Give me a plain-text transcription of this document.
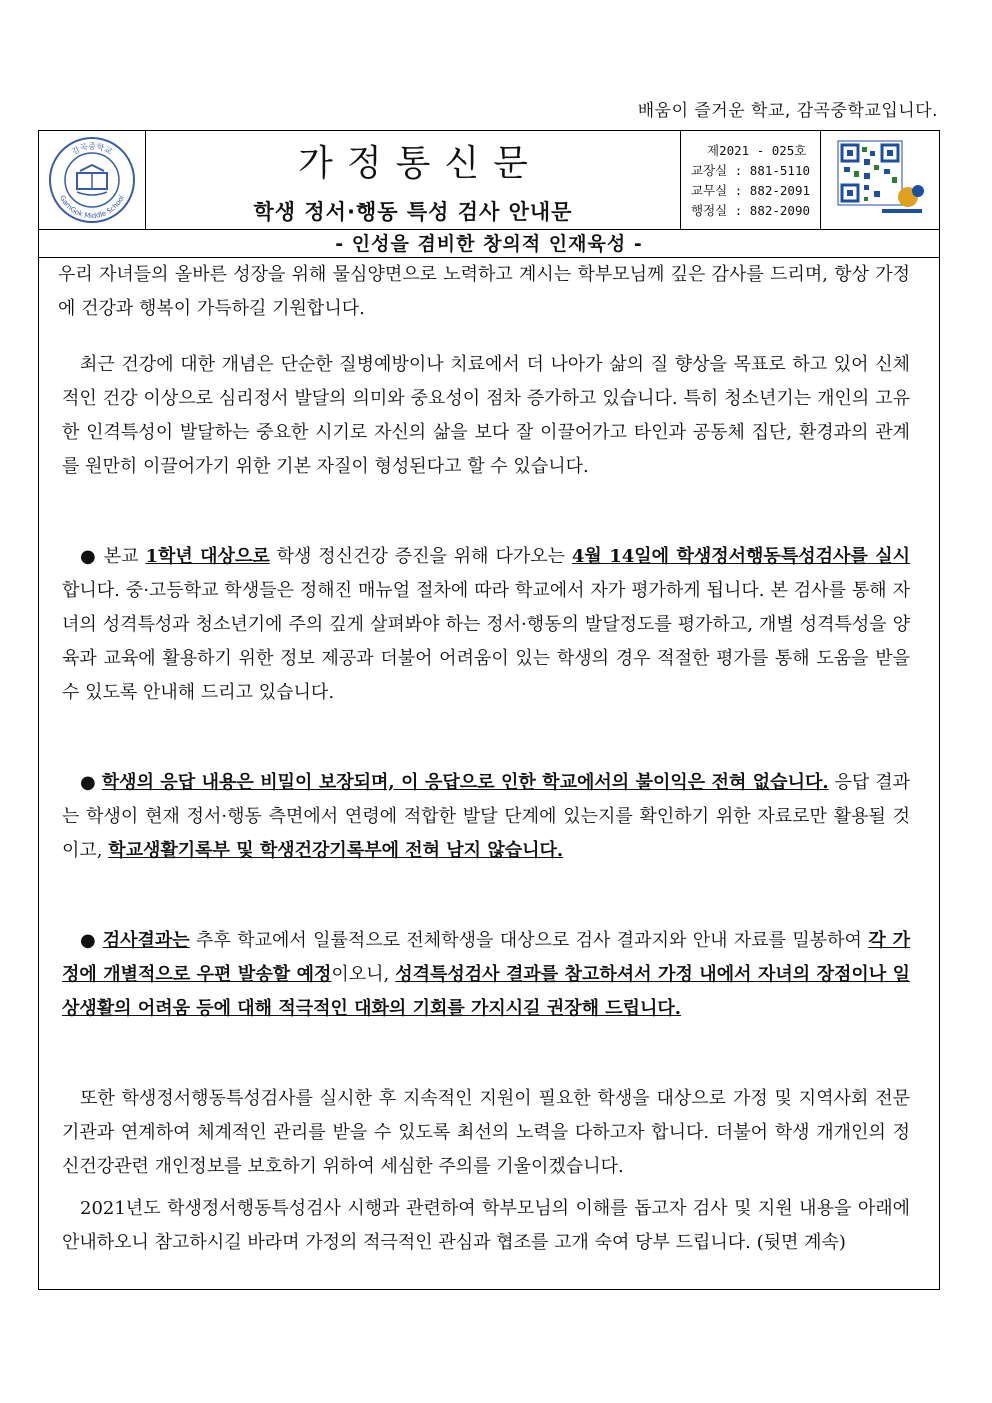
배움이 즐거운 학교, 감곡중학교입니다.
감곡중학교
GamGok Middle School
가정통신문
학생 정서·행동 특성 검사 안내문
제2021 - 025호
교장실 : 881-5110
교무실 : 882-2091
행정실 : 882-2090
- 인성을 겸비한 창의적 인재육성 -

우리 자녀들의 올바른 성장을 위해 물심양면으로 노력하고 계시는 학부모님께 깊은 감사를 드리며, 항상 가정에 건강과 행복이 가득하길 기원합니다.

최근 건강에 대한 개념은 단순한 질병예방이나 치료에서 더 나아가 삶의 질 향상을 목표로 하고 있어 신체적인 건강 이상으로 심리정서 발달의 의미와 중요성이 점차 증가하고 있습니다. 특히 청소년기는 개인의 고유한 인격특성이 발달하는 중요한 시기로 자신의 삶을 보다 잘 이끌어가고 타인과 공동체 집단, 환경과의 관계를 원만히 이끌어가기 위한 기본 자질이 형성된다고 할 수 있습니다.

● 본교 1학년 대상으로 학생 정신건강 증진을 위해 다가오는 4월 14일에 학생정서행동특성검사를 실시합니다. 중·고등학교 학생들은 정해진 매뉴얼 절차에 따라 학교에서 자가 평가하게 됩니다. 본 검사를 통해 자녀의 성격특성과 청소년기에 주의 깊게 살펴봐야 하는 정서·행동의 발달정도를 평가하고, 개별 성격특성을 양육과 교육에 활용하기 위한 정보 제공과 더불어 어려움이 있는 학생의 경우 적절한 평가를 통해 도움을 받을 수 있도록 안내해 드리고 있습니다.

● 학생의 응답 내용은 비밀이 보장되며, 이 응답으로 인한 학교에서의 불이익은 전혀 없습니다. 응답 결과는 학생이 현재 정서·행동 측면에서 연령에 적합한 발달 단계에 있는지를 확인하기 위한 자료로만 활용될 것이고, 학교생활기록부 및 학생건강기록부에 전혀 남지 않습니다.

● 검사결과는 추후 학교에서 일률적으로 전체학생을 대상으로 검사 결과지와 안내 자료를 밀봉하여 각 가정에 개별적으로 우편 발송할 예정이오니, 성격특성검사 결과를 참고하셔서 가정 내에서 자녀의 장점이나 일상생활의 어려움 등에 대해 적극적인 대화의 기회를 가지시길 권장해 드립니다.

또한 학생정서행동특성검사를 실시한 후 지속적인 지원이 필요한 학생을 대상으로 가정 및 지역사회 전문기관과 연계하여 체계적인 관리를 받을 수 있도록 최선의 노력을 다하고자 합니다. 더불어 학생 개개인의 정신건강관련 개인정보를 보호하기 위하여 세심한 주의를 기울이겠습니다.

2021년도 학생정서행동특성검사 시행과 관련하여 학부모님의 이해를 돕고자 검사 및 지원 내용을 아래에 안내하오니 참고하시길 바라며 가정의 적극적인 관심과 협조를 고개 숙여 당부 드립니다. (뒷면 계속)
